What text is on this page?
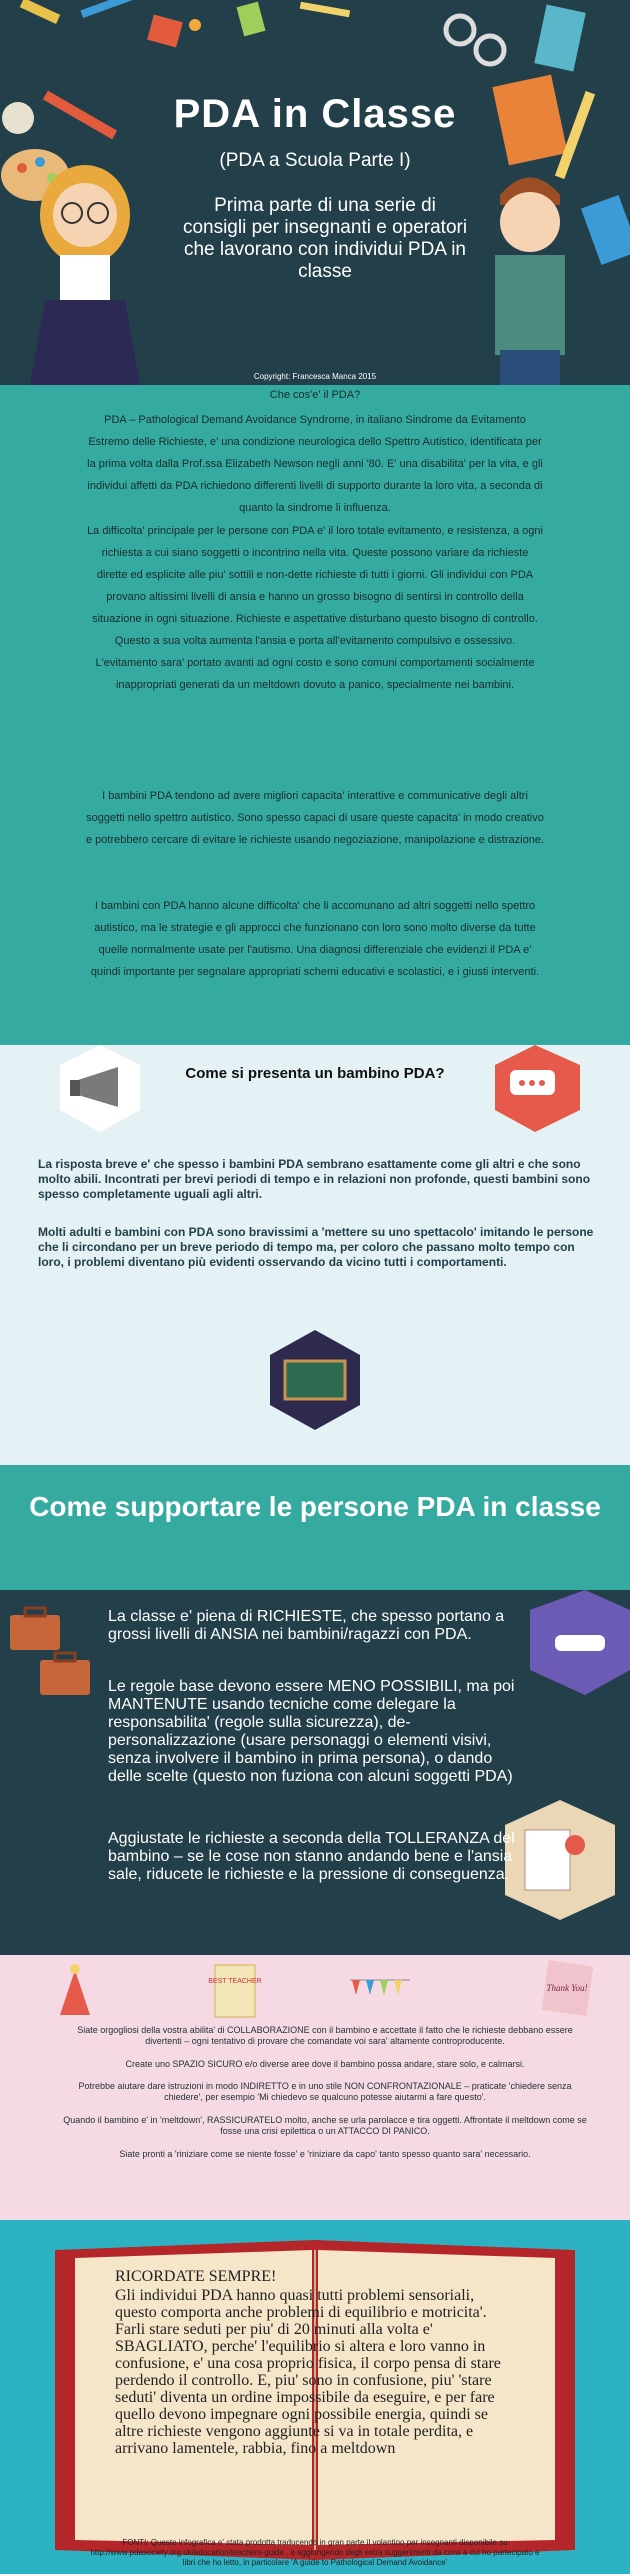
PDA in Classe
(PDA a Scuola Parte I)
Prima parte di una serie di consigli per insegnanti e operatori che lavorano con individui PDA in classe
Copyright: Francesca Manca 2015
Che cos'e' il PDA?
PDA – Pathological Demand Avoidance Syndrome, in italiano Sindrome da Evitamento Estremo delle Richieste, e' una condizione neurologica dello Spettro Autistico, identificata per la prima volta dalla Prof.ssa Elizabeth Newson negli anni '80. E' una disabilita' per la vita, e gli individui affetti da PDA richiedono differenti livelli di supporto durante la loro vita, a seconda di quanto la sindrome li influenza.
La difficolta' principale per le persone con PDA e' il loro totale evitamento, e resistenza, a ogni richiesta a cui siano soggetti o incontrino nella vita. Queste possono variare da richieste dirette ed esplicite alle piu' sottili e non-dette richieste di tutti i giorni. Gli individui con PDA provano altissimi livelli di ansia e hanno un grosso bisogno di sentirsi in controllo della situazione in ogni situazione. Richieste e aspettative disturbano questo bisogno di controllo. Questo a sua volta aumenta l'ansia e porta all'evitamento compulsivo e ossessivo. L'evitamento sara' portato avanti ad ogni costo e sono comuni comportamenti socialmente inappropriati generati da un meltdown dovuto a panico, specialmente nei bambini.
I bambini PDA tendono ad avere migliori capacita' interattive e communicative degli altri soggetti nello spettro autistico. Sono spesso capaci di usare queste capacita' in modo creativo e potrebbero cercare di evitare le richieste usando negoziazione, manipolazione e distrazione.
I bambini con PDA hanno alcune difficolta' che li accomunano ad altri soggetti nello spettro autistico, ma le strategie e gli approcci che funzionano con loro sono molto diverse da tutte quelle normalmente usate per l'autismo. Una diagnosi differenziale che evidenzi il PDA e' quindi importante per segnalare appropriati schemi educativi e scolastici, e i giusti interventi.
Come si presenta un bambino PDA?
La risposta breve e' che spesso i bambini PDA sembrano esattamente come gli altri e che sono molto abili. Incontrati per brevi periodi di tempo e in relazioni non profonde, questi bambini sono spesso completamente uguali agli altri.
Molti adulti e bambini con PDA sono bravissimi a 'mettere su uno spettacolo' imitando le persone che li circondano per un breve periodo di tempo ma, per coloro che passano molto tempo con loro, i problemi diventano più evidenti osservando da vicino tutti i comportamenti.
Come supportare le persone PDA in classe
La classe e' piena di RICHIESTE, che spesso portano a grossi livelli di ANSIA nei bambini/ragazzi con PDA.
Le regole base devono essere MENO POSSIBILI, ma poi MANTENUTE usando tecniche come delegare la responsabilita' (regole sulla sicurezza), de-personalizzazione (usare personaggi o elementi visivi, senza involvere il bambino in prima persona), o dando delle scelte (questo non fuziona con alcuni soggetti PDA)
Aggiustate le richieste a seconda della TOLLERANZA del bambino – se le cose non stanno andando bene e l'ansia sale, riducete le richieste e la pressione di conseguenza.
BEST TEACHER
Thank You!
Siate orgogliosi della vostra abilita' di COLLABORAZIONE con il bambino e accettate il fatto che le richieste debbano essere divertenti – ogni tentativo di provare che comandate voi sara' altamente controproducente.
Create uno SPAZIO SICURO e/o diverse aree dove il bambino possa andare, stare solo, e calmarsi.
Potrebbe aiutare dare istruzioni in modo INDIRETTO e in uno stile NON CONFRONTAZIONALE – praticate 'chiedere senza chiedere', per esempio 'Mi chiedevo se qualcuno potesse aiutarmi a fare questo'.
Quando il bambino e' in 'meltdown', RASSICURATELO molto, anche se urla parolacce e tira oggetti. Affrontate il meltdown come se fosse una crisi epilettica o un ATTACCO DI PANICO.
Siate pronti a 'riniziare come se niente fosse' e 'riniziare da capo' tanto spesso quanto sara' necessario.
RICORDATE SEMPRE!
Gli individui PDA hanno quasi tutti problemi sensoriali, questo comporta anche problemi di equilibrio e motricita'. Farli stare seduti per piu' di 20 minuti alla volta e' SBAGLIATO, perche' l'equilibrio si altera e loro vanno in confusione, e' una cosa proprio fisica, il corpo pensa di stare perdendo il controllo. E, piu' sono in confusione, piu' 'stare seduti' diventa un ordine impossibile da eseguire, e per fare quello devono impegnare ogni possibile energia, quindi se altre richieste vengono aggiunte si va in totale perdita, e arrivano lamentele, rabbia, fino a meltdown
FONTI: Queste infografica e' stata prodotta traducendo in gran parte il volantino per insegnanti disponibile su http://www.pdasociety.org.uk/education/teachers-guide , e aggiungendo degli extra suggerimenti da corsi a cui ho partecipato e libri che ho letto, in particolare 'A guide to Pathological Demand Avoidance'
